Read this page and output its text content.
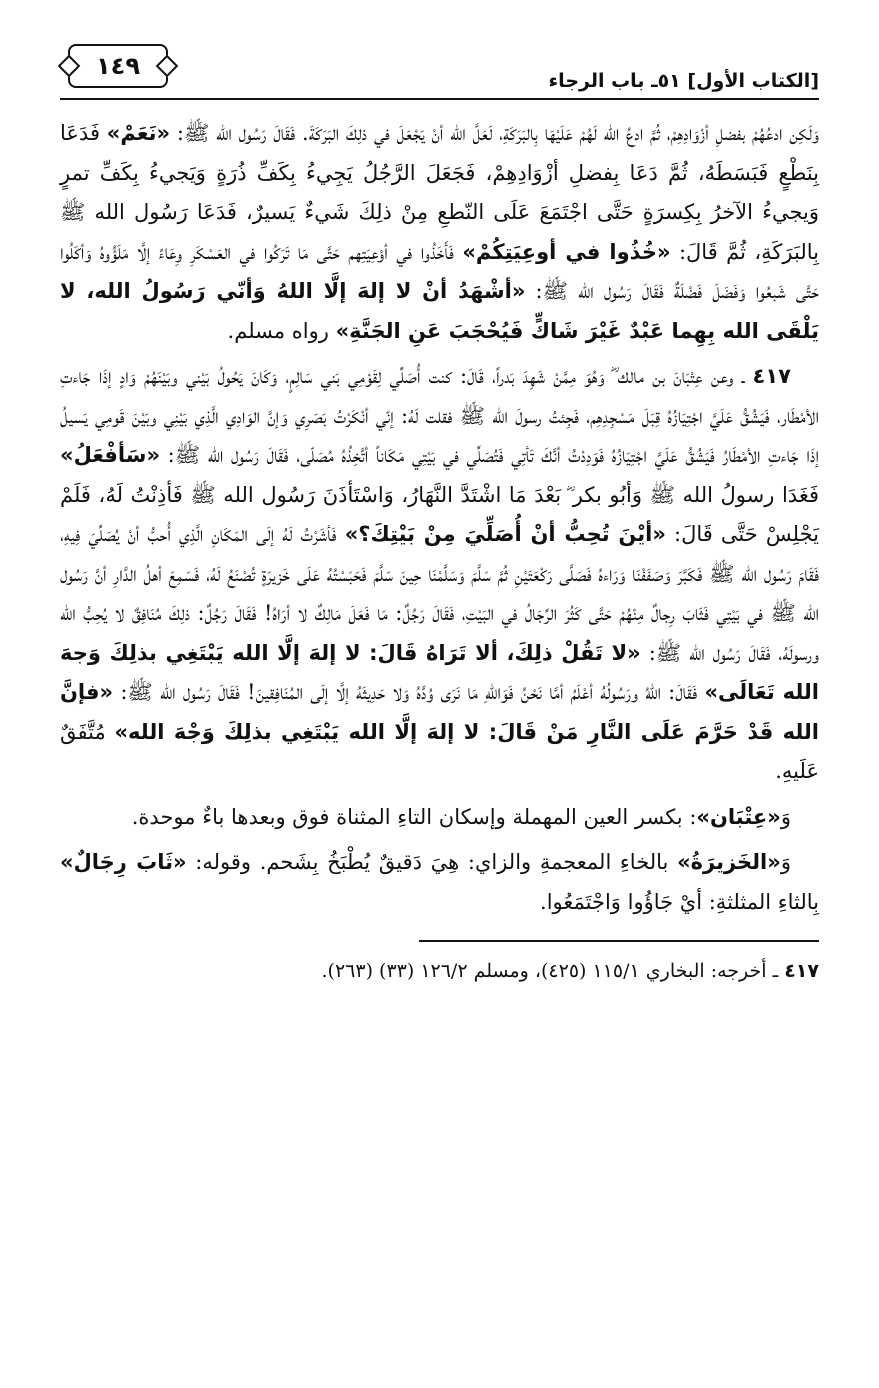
[الكتاب الأول] ٥١ـ باب الرجاء
١٤٩

وَلَكِن ادعُهُمْ بفضلِ أزْوَادِهِمْ، ثُمَّ ادعُ الله لَهُمْ عَلَيْهَا بِالبَرَكَةِ، لَعَلَّ الله أنْ يَجْعَلَ في ذلِكَ البَرَكَةَ. فَقَالَ رَسُول الله ﷺ: «نَعَمْ» فَدَعَا بِنَطْعٍ فَبَسَطَهُ، ثُمَّ دَعَا بِفضلِ أزْوَادِهِمْ، فَجَعَلَ الرَّجُلُ يَجِيءُ بِكَفِّ ذُرَةٍ وَيَجيءُ بِكَفِّ تمرٍ وَيجيءُ الآخرُ بِكِسرَةٍ حَتَّى اجْتَمَعَ عَلَى النّطعِ مِنْ ذلِكَ شَيءٌ يَسيرٌ، فَدَعَا رَسُول الله ﷺ بِالبَرَكَةِ، ثُمَّ قَالَ: «خُذُوا في أوعِيَتِكُمْ» فَأَخَذُوا في أوْعِيَتِهم حَتَّى مَا تَرَكُوا في العَسْكَرِ وِعَاءً إلَّا مَلَؤُوهُ وَأكَلُوا حَتَّى شَبعُوا وَفَضَلَ فَضْلَةٌ فَقَالَ رَسُول الله ﷺ: «أشْهَدُ أنْ لا إلهَ إلَّا اللهُ وَأنّي رَسُولُ الله، لا يَلْقَى الله بِهِما عَبْدٌ غَيْرَ شَاكٍّ فَيُحْجَبَ عَنِ الجَنَّةِ» رواه مسلم.

٤١٧ ـ وعن عِتْبَانَ بن مالك ؓ وَهُوَ مِمَّنْ شَهِدَ بَدراً، قَالَ: كنت أُصَلِّي لِقَوْمِي بَني سَالِمٍ، وَكَانَ يَحُولُ بَيْني وبَيْنَهُمْ وَادٍ إذَا جَاءتِ الأمْطَار، فَيَشُقُّ عَلَيَّ اجْتِيَازُهُ قِبَلَ مَسْجِدِهِم، فَجِئتُ رسولَ الله ﷺ فقلت لَهُ: إنّي أنْكَرْتُ بَصَرِي وَإنَّ الوَادِي الَّذِي بَيْنِي وبَيْنَ قَومِي يَسيلُ إذَا جَاءتِ الأمْطَارُ فَيَشُقُّ عَلَيَّ اجْتِيَازُهُ فَوَدِدْتُ أنَّكَ تَأتِي فَتُصَلِّي في بَيْتِي مَكَاناً أتَّخِذُهُ مُصَلّى، فَقَالَ رَسُول الله ﷺ: «سَأفْعَلُ» فَغَدَا رسولُ الله ﷺ وَأبُو بكر ؓ بَعْدَ مَا اشْتَدَّ النَّهَارُ، وَاسْتَأذَنَ رَسُول الله ﷺ فَأذِنْتُ لَهُ، فَلَمْ يَجْلِسْ حَتَّى قَالَ: «أيْنَ تُحِبُّ أنْ أُصَلِّيَ مِنْ بَيْتِكَ؟» فَأشَرْتُ لَهُ إلَى المَكَانِ الَّذِي أُحبُّ أنْ يُصَلِّيَ فِيهِ، فَقَامَ رَسُول الله ﷺ فَكَبَّرَ وَصَفَفْنَا وَرَاءهُ فَصَلَّى رَكْعَتَيْنِ ثُمَّ سَلَّمَ وَسَلَّمْنَا حِينَ سَلَّمَ فَحَبَسْتُهُ عَلَى خَزيرَةٍ تُصْنَعُ لَهُ، فَسَمِعَ أهلُ الدَّارِ أنَّ رَسُول الله ﷺ في بَيْتِي فَثَابَ رِجالٌ مِنْهُمْ حَتَّى كَثُرَ الرِّجَالُ في البَيْتِ، فَقَالَ رَجُلٌ: مَا فَعَلَ مَالِكٌ لا أرَاهُ! فَقَالَ رَجُلٌ: ذلِكَ مُنَافِقٌ لا يُحِبُّ الله ورسولَهُ، فَقَالَ رَسُول الله ﷺ: «لا تَقُلْ ذلِكَ، ألا تَرَاهُ قَالَ: لا إلهَ إلَّا الله يَبْتَغِي بذلِكَ وَجهَ الله تَعَالَى» فَقَالَ: اللهُ ورَسُولُهُ أعْلَمُ أمَّا نَحْنُ فَوَاللهِ مَا نَرَى وُدَّهُ وَلا حَدِيثَهُ إلَّا إلَى المُنَافِقينَ! فَقَالَ رَسُول الله ﷺ: «فإنَّ الله قَدْ حَرَّمَ عَلَى النَّارِ مَنْ قَالَ: لا إلهَ إلَّا الله يَبْتَغِي بذلِكَ وَجْهَ الله» مُتَّفَقٌ عَلَيهِ.

وَ«عِتْبَان»: بكسر العين المهملة وإسكان التاءِ المثناة فوق وبعدها باءٌ موحدة.

وَ«الخَزيرَةُ» بالخاءِ المعجمةِ والزاي: هِيَ دَقيقٌ يُطْبَخُ بِشَحم. وقوله: «ثَابَ رِجَالٌ» بِالثاءِ المثلثةِ: أيْ جَاؤُوا وَاجْتَمَعُوا.

٤١٧ ـ أخرجه: البخاري ١١٥/١ (٤٢٥)، ومسلم ١٢٦/٢ (٣٣) (٢٦٣).
